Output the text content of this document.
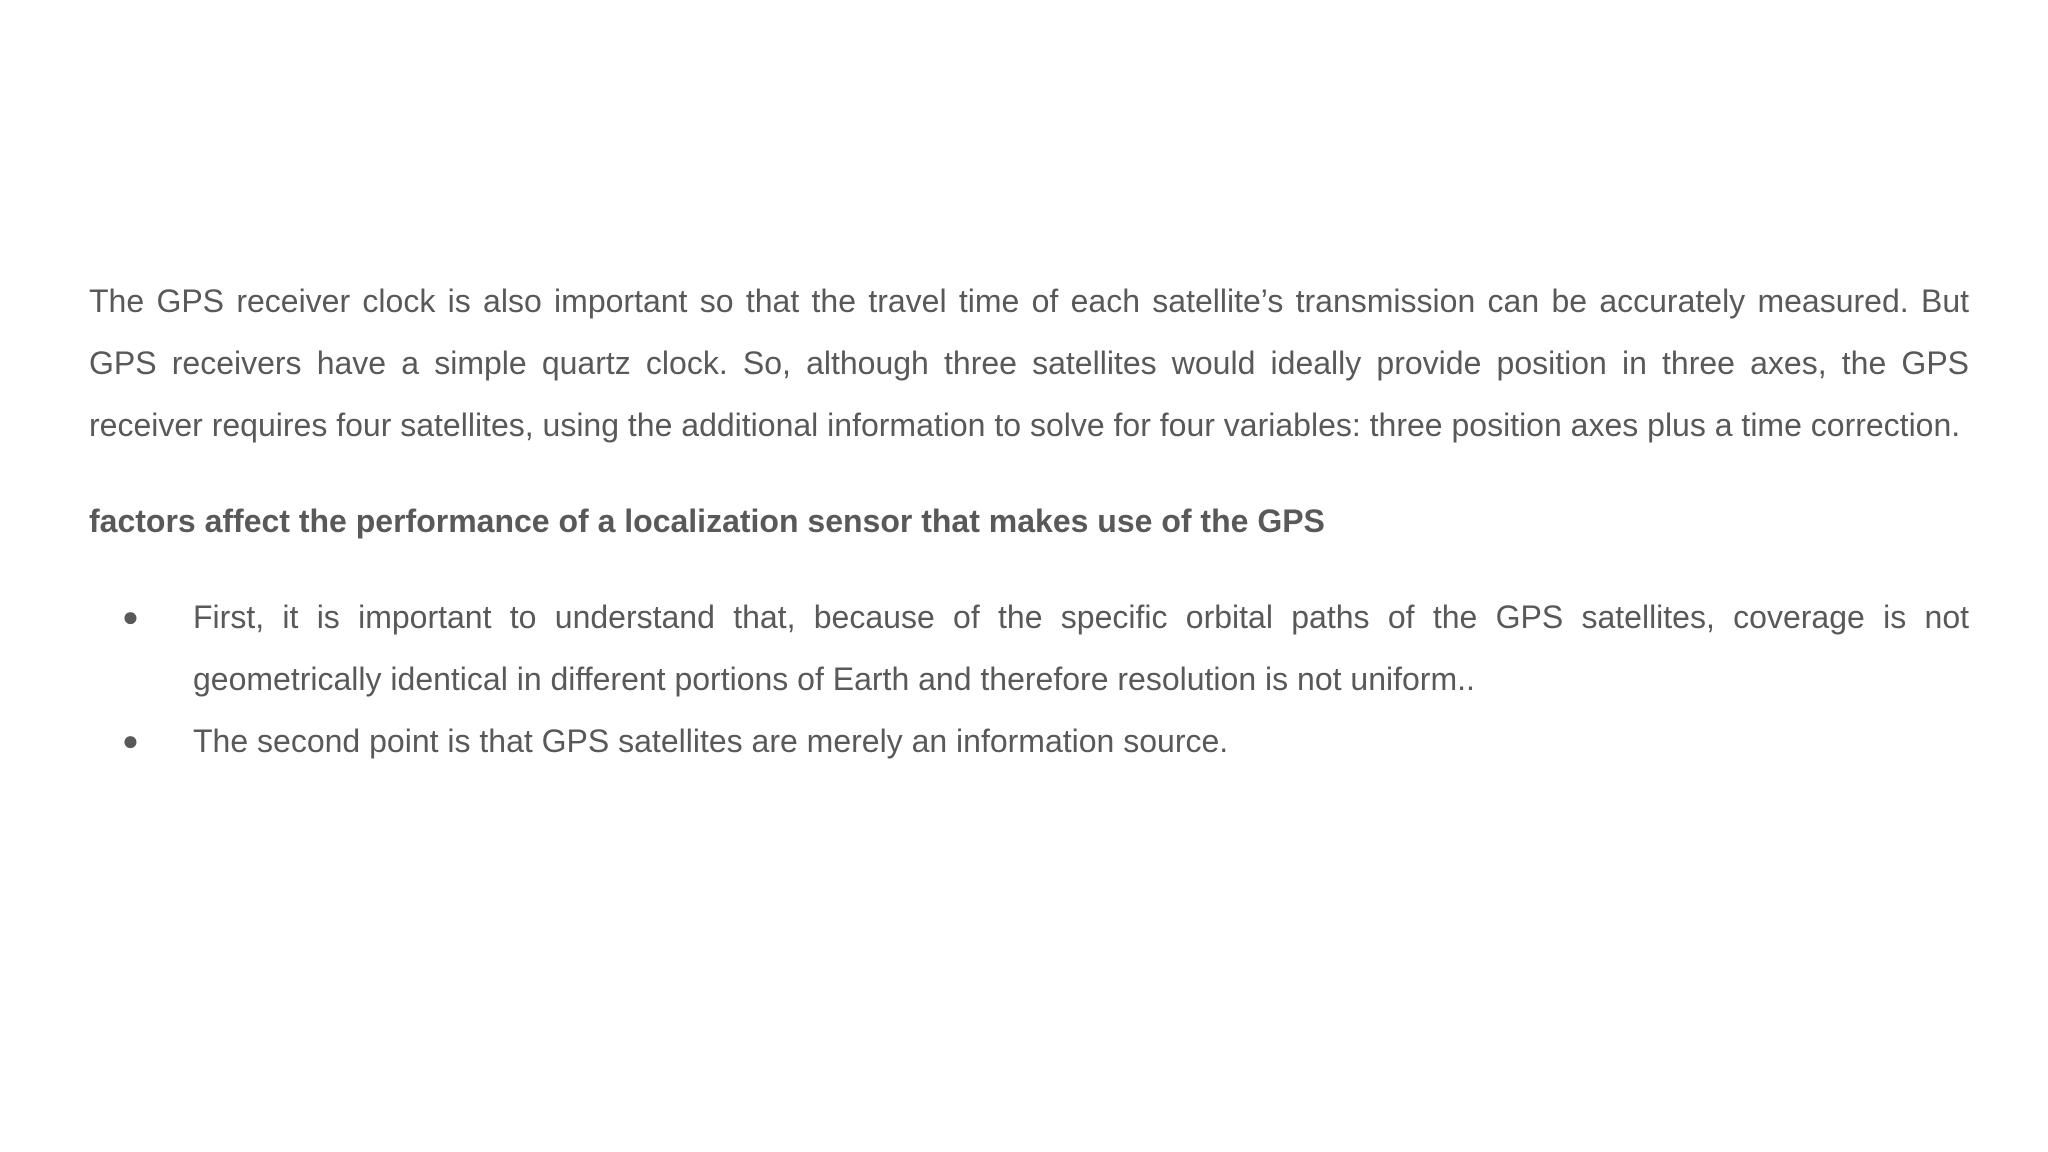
The GPS receiver clock is also important so that the travel time of each satellite’s transmission can be accurately measured. But GPS receivers have a simple quartz clock. So, although three satellites would ideally provide position in three axes, the GPS receiver requires four satellites, using the additional information to solve for four variables: three position axes plus a time correction.

factors affect the performance of a localization sensor that makes use of the GPS

● First, it is important to understand that, because of the specific orbital paths of the GPS satellites, coverage is not geometrically identical in different portions of Earth and therefore resolution is not uniform..
● The second point is that GPS satellites are merely an information source.
